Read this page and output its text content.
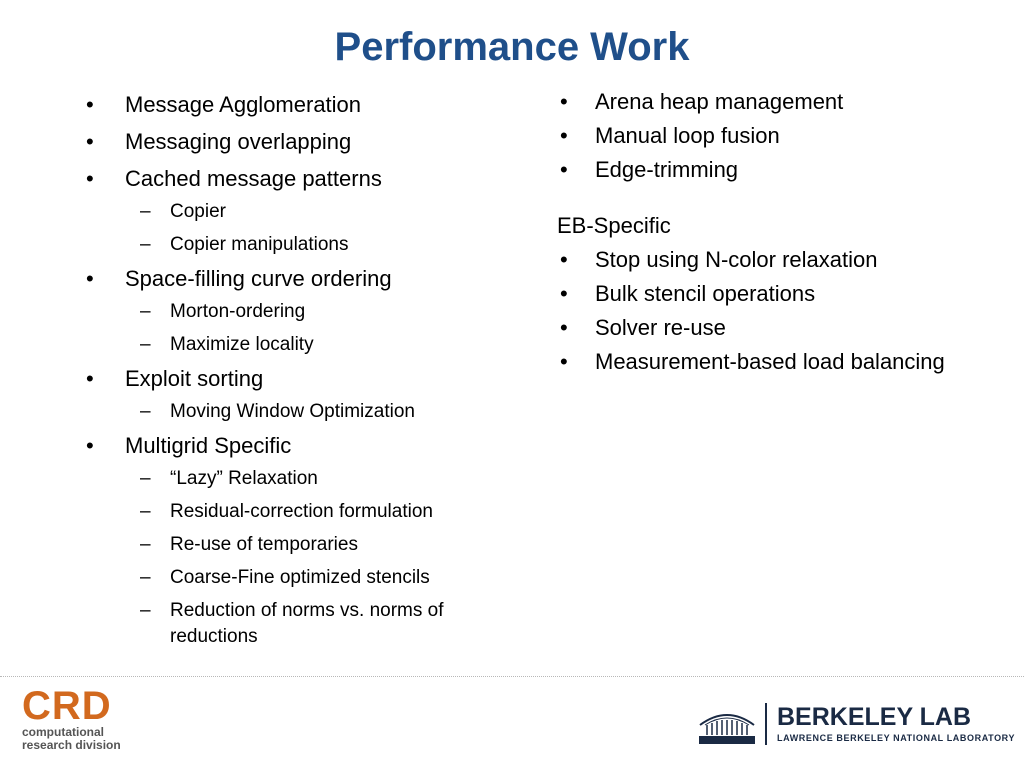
Performance Work
•	Message Agglomeration
•	Messaging overlapping
•	Cached message patterns
– Copier
– Copier manipulations
•	Space-filling curve ordering
– Morton-ordering
– Maximize locality
•	Exploit sorting
– Moving Window Optimization
•	Multigrid Specific
– “Lazy” Relaxation
– Residual-correction formulation
– Re-use of temporaries
– Coarse-Fine optimized stencils
– Reduction of norms vs. norms of reductions
• Arena heap management
• Manual loop fusion
• Edge-trimming
EB-Specific
• Stop using N-color relaxation
• Bulk stencil operations
• Solver re-use
• Measurement-based load balancing
CRD
computational
research division
BERKELEY LAB
LAWRENCE BERKELEY NATIONAL LABORATORY
